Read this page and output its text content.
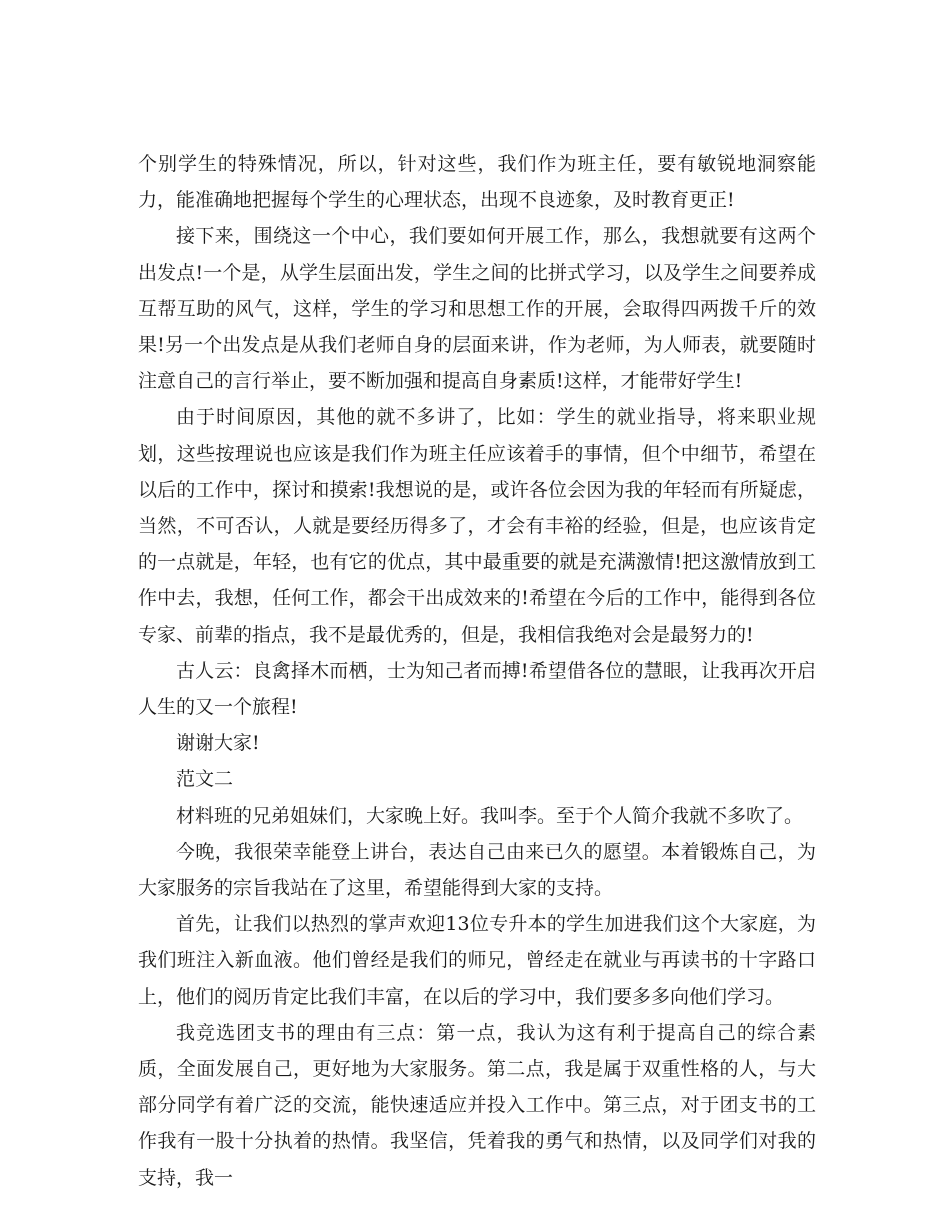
个别学生的特殊情况，所以，针对这些，我们作为班主任，要有敏锐地洞察能力，能准确地把握每个学生的心理状态，出现不良迹象，及时教育更正!

接下来，围绕这一个中心，我们要如何开展工作，那么，我想就要有这两个出发点!一个是，从学生层面出发，学生之间的比拼式学习，以及学生之间要养成互帮互助的风气，这样，学生的学习和思想工作的开展，会取得四两拨千斤的效果!另一个出发点是从我们老师自身的层面来讲，作为老师，为人师表，就要随时注意自己的言行举止，要不断加强和提高自身素质!这样，才能带好学生!

由于时间原因，其他的就不多讲了，比如：学生的就业指导，将来职业规划，这些按理说也应该是我们作为班主任应该着手的事情，但个中细节，希望在以后的工作中，探讨和摸索!我想说的是，或许各位会因为我的年轻而有所疑虑，当然，不可否认，人就是要经历得多了，才会有丰裕的经验，但是，也应该肯定的一点就是，年轻，也有它的优点，其中最重要的就是充满激情!把这激情放到工作中去，我想，任何工作，都会干出成效来的!希望在今后的工作中，能得到各位专家、前辈的指点，我不是最优秀的，但是，我相信我绝对会是最努力的!

古人云：良禽择木而栖，士为知己者而搏!希望借各位的慧眼，让我再次开启人生的又一个旅程!

谢谢大家!

范文二

材料班的兄弟姐妹们，大家晚上好。我叫李。至于个人简介我就不多吹了。

今晚，我很荣幸能登上讲台，表达自己由来已久的愿望。本着锻炼自己，为大家服务的宗旨我站在了这里，希望能得到大家的支持。

首先，让我们以热烈的掌声欢迎13位专升本的学生加进我们这个大家庭，为我们班注入新血液。他们曾经是我们的师兄，曾经走在就业与再读书的十字路口上，他们的阅历肯定比我们丰富，在以后的学习中，我们要多多向他们学习。

我竞选团支书的理由有三点：第一点，我认为这有利于提高自己的综合素质，全面发展自己，更好地为大家服务。第二点，我是属于双重性格的人，与大部分同学有着广泛的交流，能快速适应并投入工作中。第三点，对于团支书的工作我有一股十分执着的热情。我坚信，凭着我的勇气和热情，以及同学们对我的支持，我一
